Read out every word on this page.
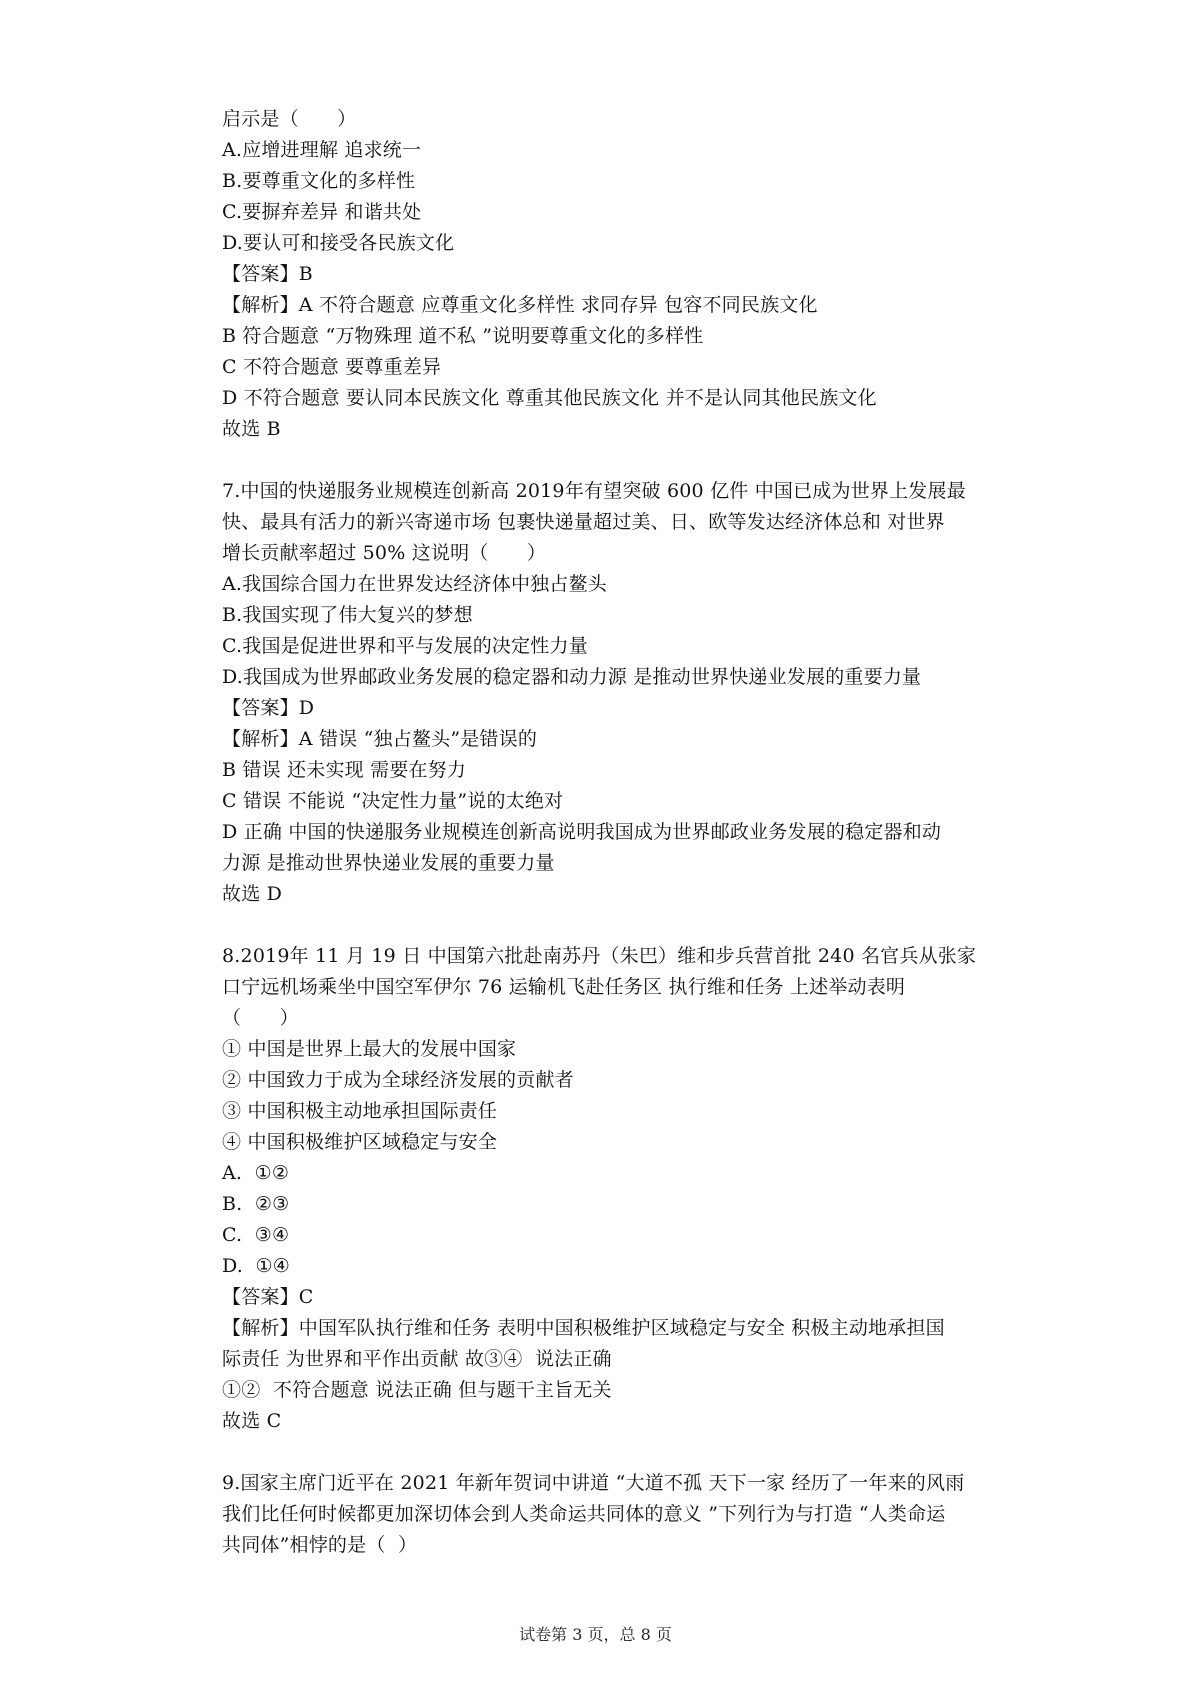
启示是（　　）
A.应增进理解 追求统一
B.要尊重文化的多样性
C.要摒弃差异 和谐共处
D.要认可和接受各民族文化
【答案】B
【解析】A 不符合题意 应尊重文化多样性 求同存异 包容不同民族文化
B 符合题意 “万物殊理 道不私 ”说明要尊重文化的多样性
C 不符合题意 要尊重差异
D 不符合题意 要认同本民族文化 尊重其他民族文化 并不是认同其他民族文化
故选 B
7.中国的快递服务业规模连创新高 2019年有望突破 600 亿件 中国已成为世界上发展最
快、最具有活力的新兴寄递市场 包裹快递量超过美、日、欧等发达经济体总和 对世界
增长贡献率超过 50% 这说明（　　）
A.我国综合国力在世界发达经济体中独占鳌头
B.我国实现了伟大复兴的梦想
C.我国是促进世界和平与发展的决定性力量
D.我国成为世界邮政业务发展的稳定器和动力源 是推动世界快递业发展的重要力量
【答案】D
【解析】A 错误 “独占鳌头”是错误的
B 错误 还未实现 需要在努力
C 错误 不能说 “决定性力量”说的太绝对
D 正确 中国的快递服务业规模连创新高说明我国成为世界邮政业务发展的稳定器和动
力源 是推动世界快递业发展的重要力量
故选 D
8.2019年 11 月 19 日 中国第六批赴南苏丹（朱巴）维和步兵营首批 240 名官兵从张家
口宁远机场乘坐中国空军伊尔 76 运输机飞赴任务区 执行维和任务 上述举动表明
（　　）
① 中国是世界上最大的发展中国家
② 中国致力于成为全球经济发展的贡献者
③ 中国积极主动地承担国际责任
④ 中国积极维护区域稳定与安全
A.  ①②
B.  ②③
C.  ③④
D.  ①④
【答案】C
【解析】中国军队执行维和任务 表明中国积极维护区域稳定与安全 积极主动地承担国
际责任 为世界和平作出贡献 故③④  说法正确
①②  不符合题意 说法正确 但与题干主旨无关
故选 C
9.国家主席门近平在 2021 年新年贺词中讲道 “大道不孤 天下一家 经历了一年来的风雨
我们比任何时候都更加深切体会到人类命运共同体的意义 ”下列行为与打造 “人类命运
共同体”相悖的是（  ）
试卷第 3 页，总 8 页
